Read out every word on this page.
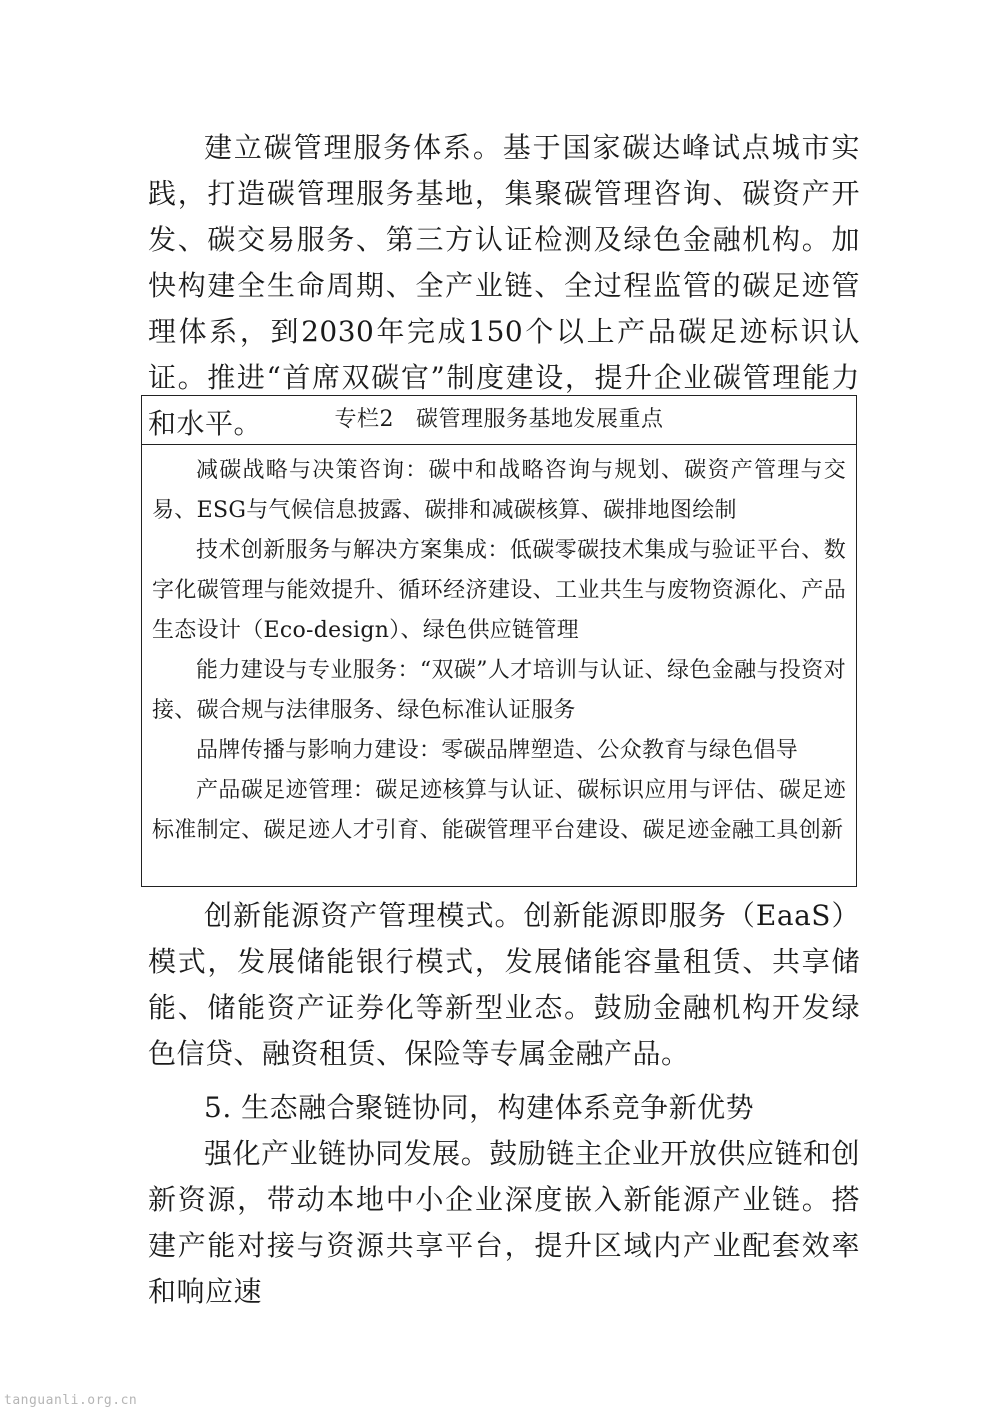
建立碳管理服务体系。基于国家碳达峰试点城市实践，打造碳管理服务基地，集聚碳管理咨询、碳资产开发、碳交易服务、第三方认证检测及绿色金融机构。加快构建全生命周期、全产业链、全过程监管的碳足迹管理体系，到2030年完成150个以上产品碳足迹标识认证。推进“首席双碳官”制度建设，提升企业碳管理能力和水平。	专栏2 碳管理服务基地发展重点

减碳战略与决策咨询：碳中和战略咨询与规划、碳资产管理与交易、ESG与气候信息披露、碳排和减碳核算、碳排地图绘制

技术创新服务与解决方案集成：低碳零碳技术集成与验证平台、数字化碳管理与能效提升、循环经济建设、工业共生与废物资源化、产品生态设计（Eco-design）、绿色供应链管理

能力建设与专业服务：“双碳”人才培训与认证、绿色金融与投资对接、碳合规与法律服务、绿色标准认证服务

品牌传播与影响力建设：零碳品牌塑造、公众教育与绿色倡导

产品碳足迹管理：碳足迹核算与认证、碳标识应用与评估、碳足迹标准制定、碳足迹人才引育、能碳管理平台建设、碳足迹金融工具创新

创新能源资产管理模式。创新能源即服务（EaaS）模式，发展储能银行模式，发展储能容量租赁、共享储能、储能资产证券化等新型业态。鼓励金融机构开发绿色信贷、融资租赁、保险等专属金融产品。

5. 生态融合聚链协同，构建体系竞争新优势

强化产业链协同发展。鼓励链主企业开放供应链和创新资源，带动本地中小企业深度嵌入新能源产业链。搭建产能对接与资源共享平台，提升区域内产业配套效率和响应速

tanguanli.org.cn
